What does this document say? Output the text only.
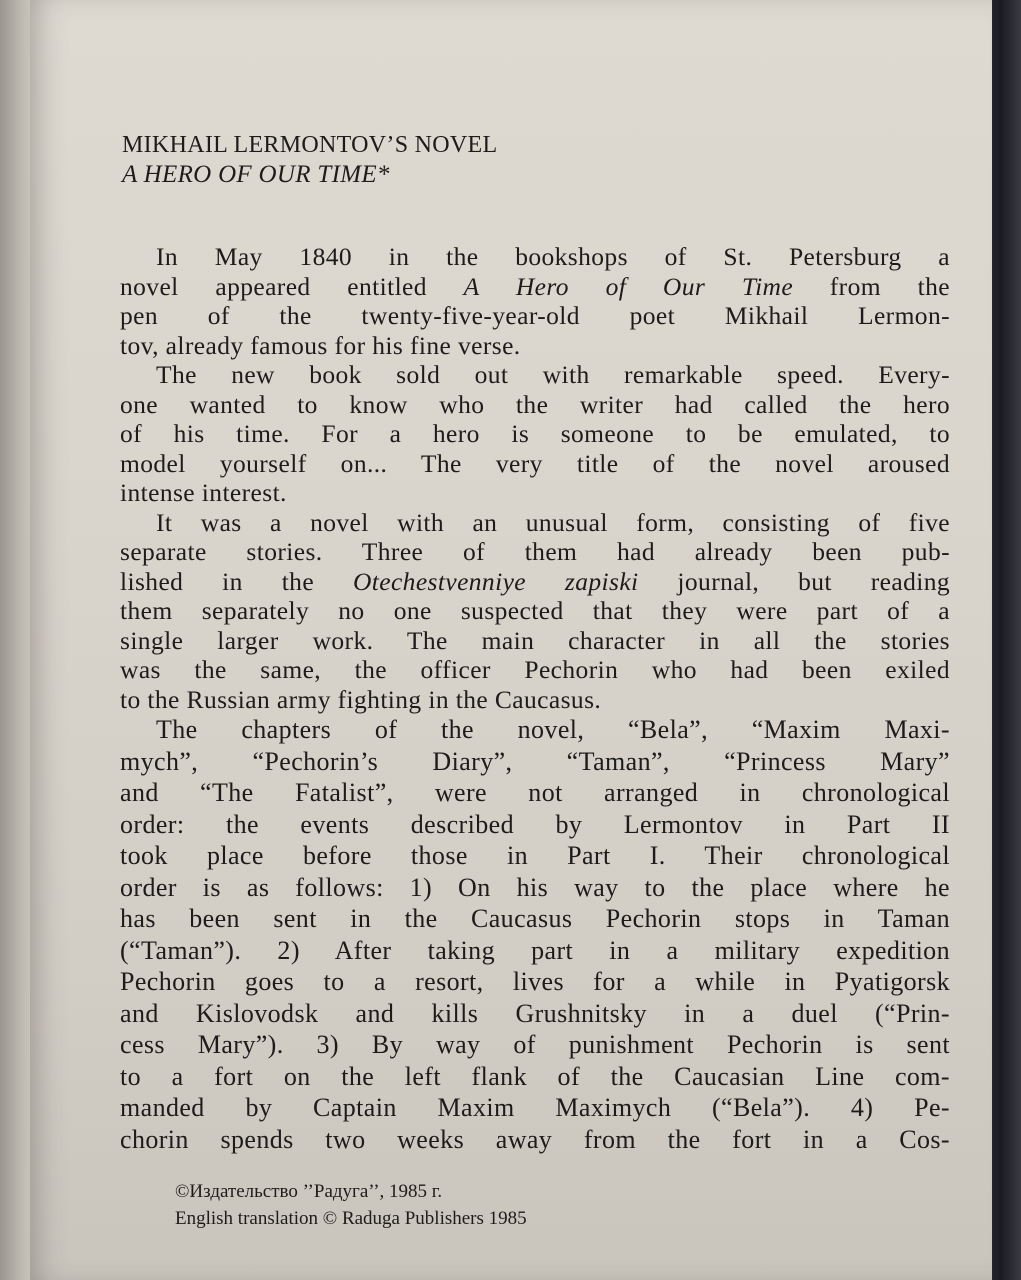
MIKHAIL LERMONTOV’S NOVEL
A HERO OF OUR TIME*

In May 1840 in the bookshops of St. Petersburg a
novel appeared entitled A Hero of Our Time from the
pen of the twenty-five-year-old poet Mikhail Lermon-
tov, already famous for his fine verse.

The new book sold out with remarkable speed. Every-
one wanted to know who the writer had called the hero
of his time. For a hero is someone to be emulated, to
model yourself on... The very title of the novel aroused
intense interest.

It was a novel with an unusual form, consisting of five
separate stories. Three of them had already been pub-
lished in the Otechestvenniye zapiski journal, but reading
them separately no one suspected that they were part of a
single larger work. The main character in all the stories
was the same, the officer Pechorin who had been exiled
to the Russian army fighting in the Caucasus.

The chapters of the novel, “Bela”, “Maxim Maxi-
mych”, “Pechorin’s Diary”, “Taman”, “Princess Mary”
and “The Fatalist”, were not arranged in chronological
order: the events described by Lermontov in Part II
took place before those in Part I. Their chronological
order is as follows: 1) On his way to the place where he
has been sent in the Caucasus Pechorin stops in Taman
(“Taman”). 2) After taking part in a military expedition
Pechorin goes to a resort, lives for a while in Pyatigorsk
and Kislovodsk and kills Grushnitsky in a duel (“Prin-
cess Mary”). 3) By way of punishment Pechorin is sent
to a fort on the left flank of the Caucasian Line com-
manded by Captain Maxim Maximych (“Bela”). 4) Pe-
chorin spends two weeks away from the fort in a Cos-

©Издательство ’’Радуга’’, 1985 г.
English translation © Raduga Publishers 1985
